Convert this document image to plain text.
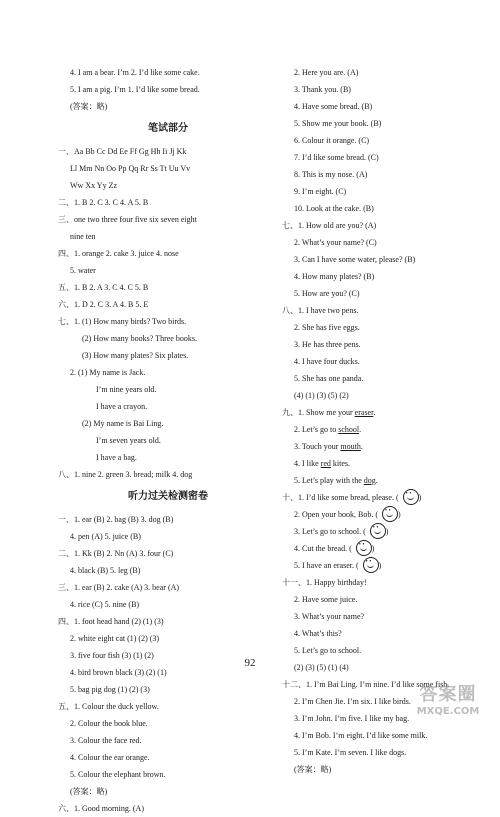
4. I am a bear. I’m 2. I’d like some cake.
5. I am a pig. I’m 1. I’d like some bread.
(答案：略)
笔试部分
一、Aa Bb Cc Dd Ee Ff Gg Hh Ii Jj Kk
Ll Mm Nn Oo Pp Qq Rr Ss Tt Uu Vv
Ww Xx Yy Zz
二、1. B 2. C 3. C 4. A 5. B
三、one two three four five six seven eight
nine ten
四、1. orange 2. cake 3. juice 4. nose
5. water
五、1. B 2. A 3. C 4. C 5. B
六、1. D 2. C 3. A 4. B 5. E
七、1. (1) How many birds? Two birds.
(2) How many books? Three books.
(3) How many plates? Six plates.
2. (1) My name is Jack.
I’m nine years old.
I have a crayon.
(2) My name is Bai Ling.
I’m seven years old.
I have a bag.
八、1. nine 2. green 3. bread; milk 4. dog
听力过关检测密卷
一、1. ear (B) 2. bag (B) 3. dog (B)
4. pen (A) 5. juice (B)
二、1. Kk (B) 2. Nn (A) 3. four (C)
4. black (B) 5. leg (B)
三、1. ear (B) 2. cake (A) 3. bear (A)
4. rice (C) 5. nine (B)
四、1. foot head hand (2) (1) (3)
2. white eight cat (1) (2) (3)
3. five four fish (3) (1) (2)
4. bird brown black (3) (2) (1)
5. bag pig dog (1) (2) (3)
五、1. Colour the duck yellow.
2. Colour the book blue.
3. Colour the face red.
4. Colour the ear orange.
5. Colour the elephant brown.
(答案：略)
六、1. Good morning. (A)
2. Here you are. (A)
3. Thank you. (B)
4. Have some bread. (B)
5. Show me your book. (B)
6. Colour it orange. (C)
7. I’d like some bread. (C)
8. This is my nose. (A)
9. I’m eight. (C)
10. Look at the cake. (B)
七、1. How old are you? (A)
2. What’s your name? (C)
3. Can I have some water, please? (B)
4. How many plates? (B)
5. How are you? (C)
八、1. I have two pens.
2. She has five eggs.
3. He has three pens.
4. I have four ducks.
5. She has one panda.
(4) (1) (3) (5) (2)
九、1. Show me your eraser.
2. Let’s go to school.
3. Touch your mouth.
4. I like red kites.
5. Let’s play with the dog.
十、1. I’d like some bread, please. ( • •	)
2. Open your book, Bob. ( • •	)
3. Let’s go to school. ( • •	)
4. Cut the bread. ( • •	)
5. I have an eraser. ( • •	)
十一、1. Happy birthday!
2. Have some juice.
3. What’s your name?
4. What’s this?
5. Let’s go to school.
(2) (3) (5) (1) (4)
十二、1. I’m Bai Ling. I’m nine. I’d like some fish.
2. I’m Chen Jie. I’m six. I like birds.
3. I’m John. I’m five. I like my bag.
4. I’m Bob. I’m eight. I’d like some milk.
5. I’m Kate. I’m seven. I like dogs.
(答案：略)
92
答案圈
MXQE.COM
